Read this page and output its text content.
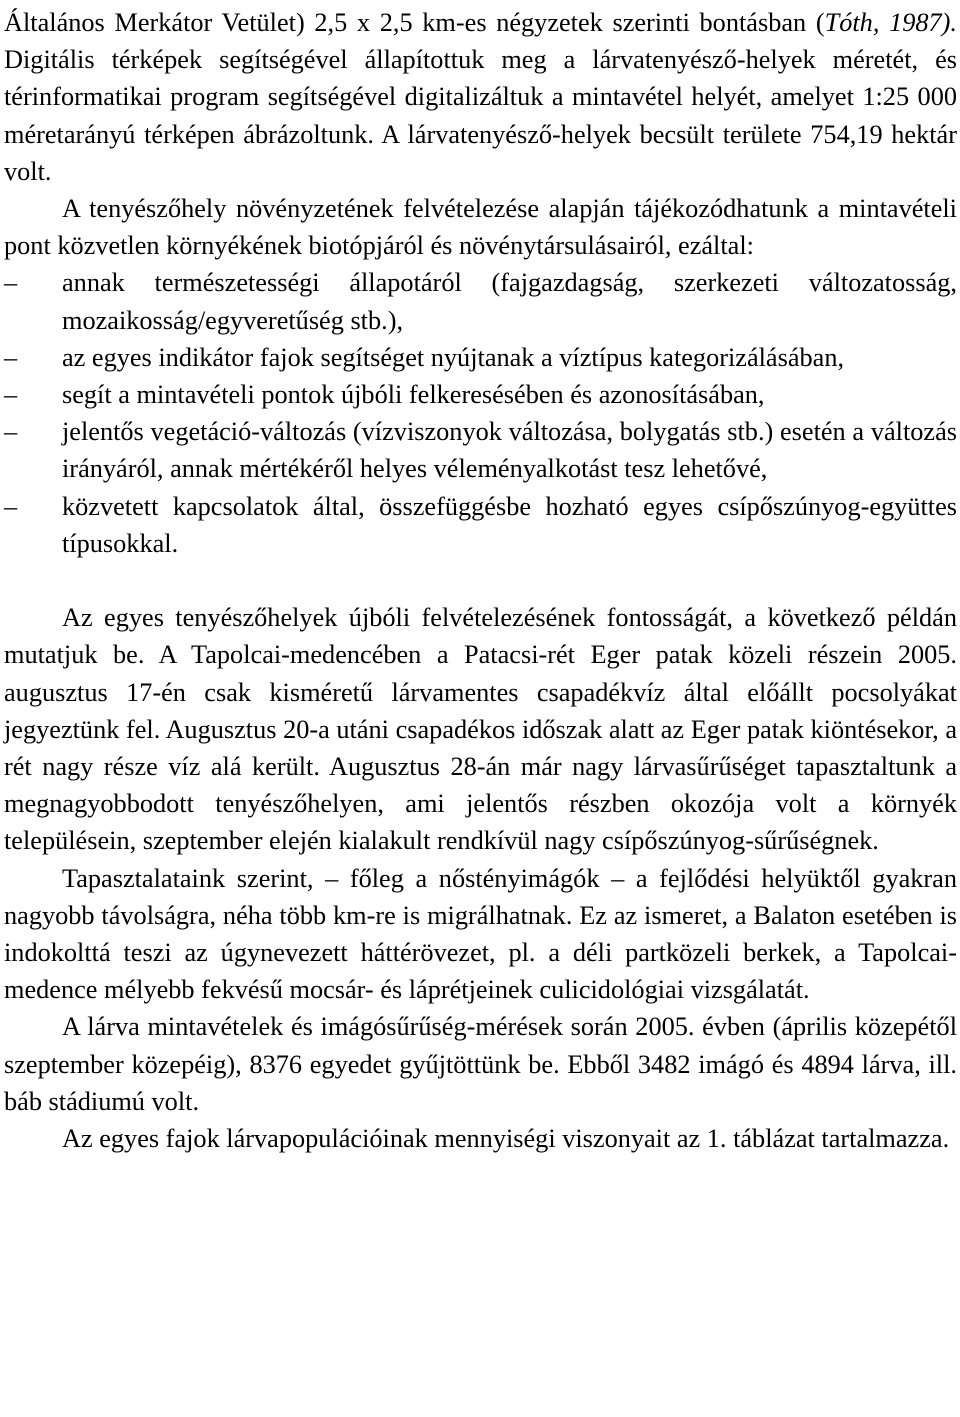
Általános Merkátor Vetület) 2,5 x 2,5 km-es négyzetek szerinti bontásban (Tóth, 1987). Digitális térképek segítségével állapítottuk meg a lárvatenyésző-helyek méretét, és térinformatikai program segítségével digitalizáltuk a mintavétel helyét, amelyet 1:25 000 méretarányú térképen ábrázoltunk. A lárvatenyésző-helyek becsült területe 754,19 hektár volt.

A tenyészőhely növényzetének felvételezése alapján tájékozódhatunk a mintavételi pont közvetlen környékének biotópjáról és növénytársulásairól, ezáltal:

–	annak természetességi állapotáról (fajgazdagság, szerkezeti változatosság, mozaikosság/egyveretűség stb.),
–	az egyes indikátor fajok segítséget nyújtanak a víztípus kategorizálásában,
–	segít a mintavételi pontok újbóli felkeresésében és azonosításában,
–	jelentős vegetáció-változás (vízviszonyok változása, bolygatás stb.) esetén a változás irányáról, annak mértékéről helyes véleményalkotást tesz lehetővé,
–	közvetett kapcsolatok által, összefüggésbe hozható egyes csípőszúnyog-együttes típusokkal.

Az egyes tenyészőhelyek újbóli felvételezésének fontosságát, a következő példán mutatjuk be. A Tapolcai-medencében a Patacsi-rét Eger patak közeli részein 2005. augusztus 17-én csak kisméretű lárvamentes csapadékvíz által előállt pocsolyákat jegyeztünk fel. Augusztus 20-a utáni csapadékos időszak alatt az Eger patak kiöntésekor, a rét nagy része víz alá került. Augusztus 28-án már nagy lárvasűrűséget tapasztaltunk a megnagyobbodott tenyészőhelyen, ami jelentős részben okozója volt a környék településein, szeptember elején kialakult rendkívül nagy csípőszúnyog-sűrűségnek.

Tapasztalataink szerint, – főleg a nőstényimágók – a fejlődési helyüktől gyakran nagyobb távolságra, néha több km-re is migrálhatnak. Ez az ismeret, a Balaton esetében is indokolttá teszi az úgynevezett háttérövezet, pl. a déli partközeli berkek, a Tapolcai-medence mélyebb fekvésű mocsár- és láprétjeinek culicidológiai vizsgálatát.

A lárva mintavételek és imágósűrűség-mérések során 2005. évben (április közepétől szeptember közepéig), 8376 egyedet gyűjtöttünk be. Ebből 3482 imágó és 4894 lárva, ill. báb stádiumú volt.

Az egyes fajok lárvapopulációinak mennyiségi viszonyait az 1. táblázat tartalmazza.
